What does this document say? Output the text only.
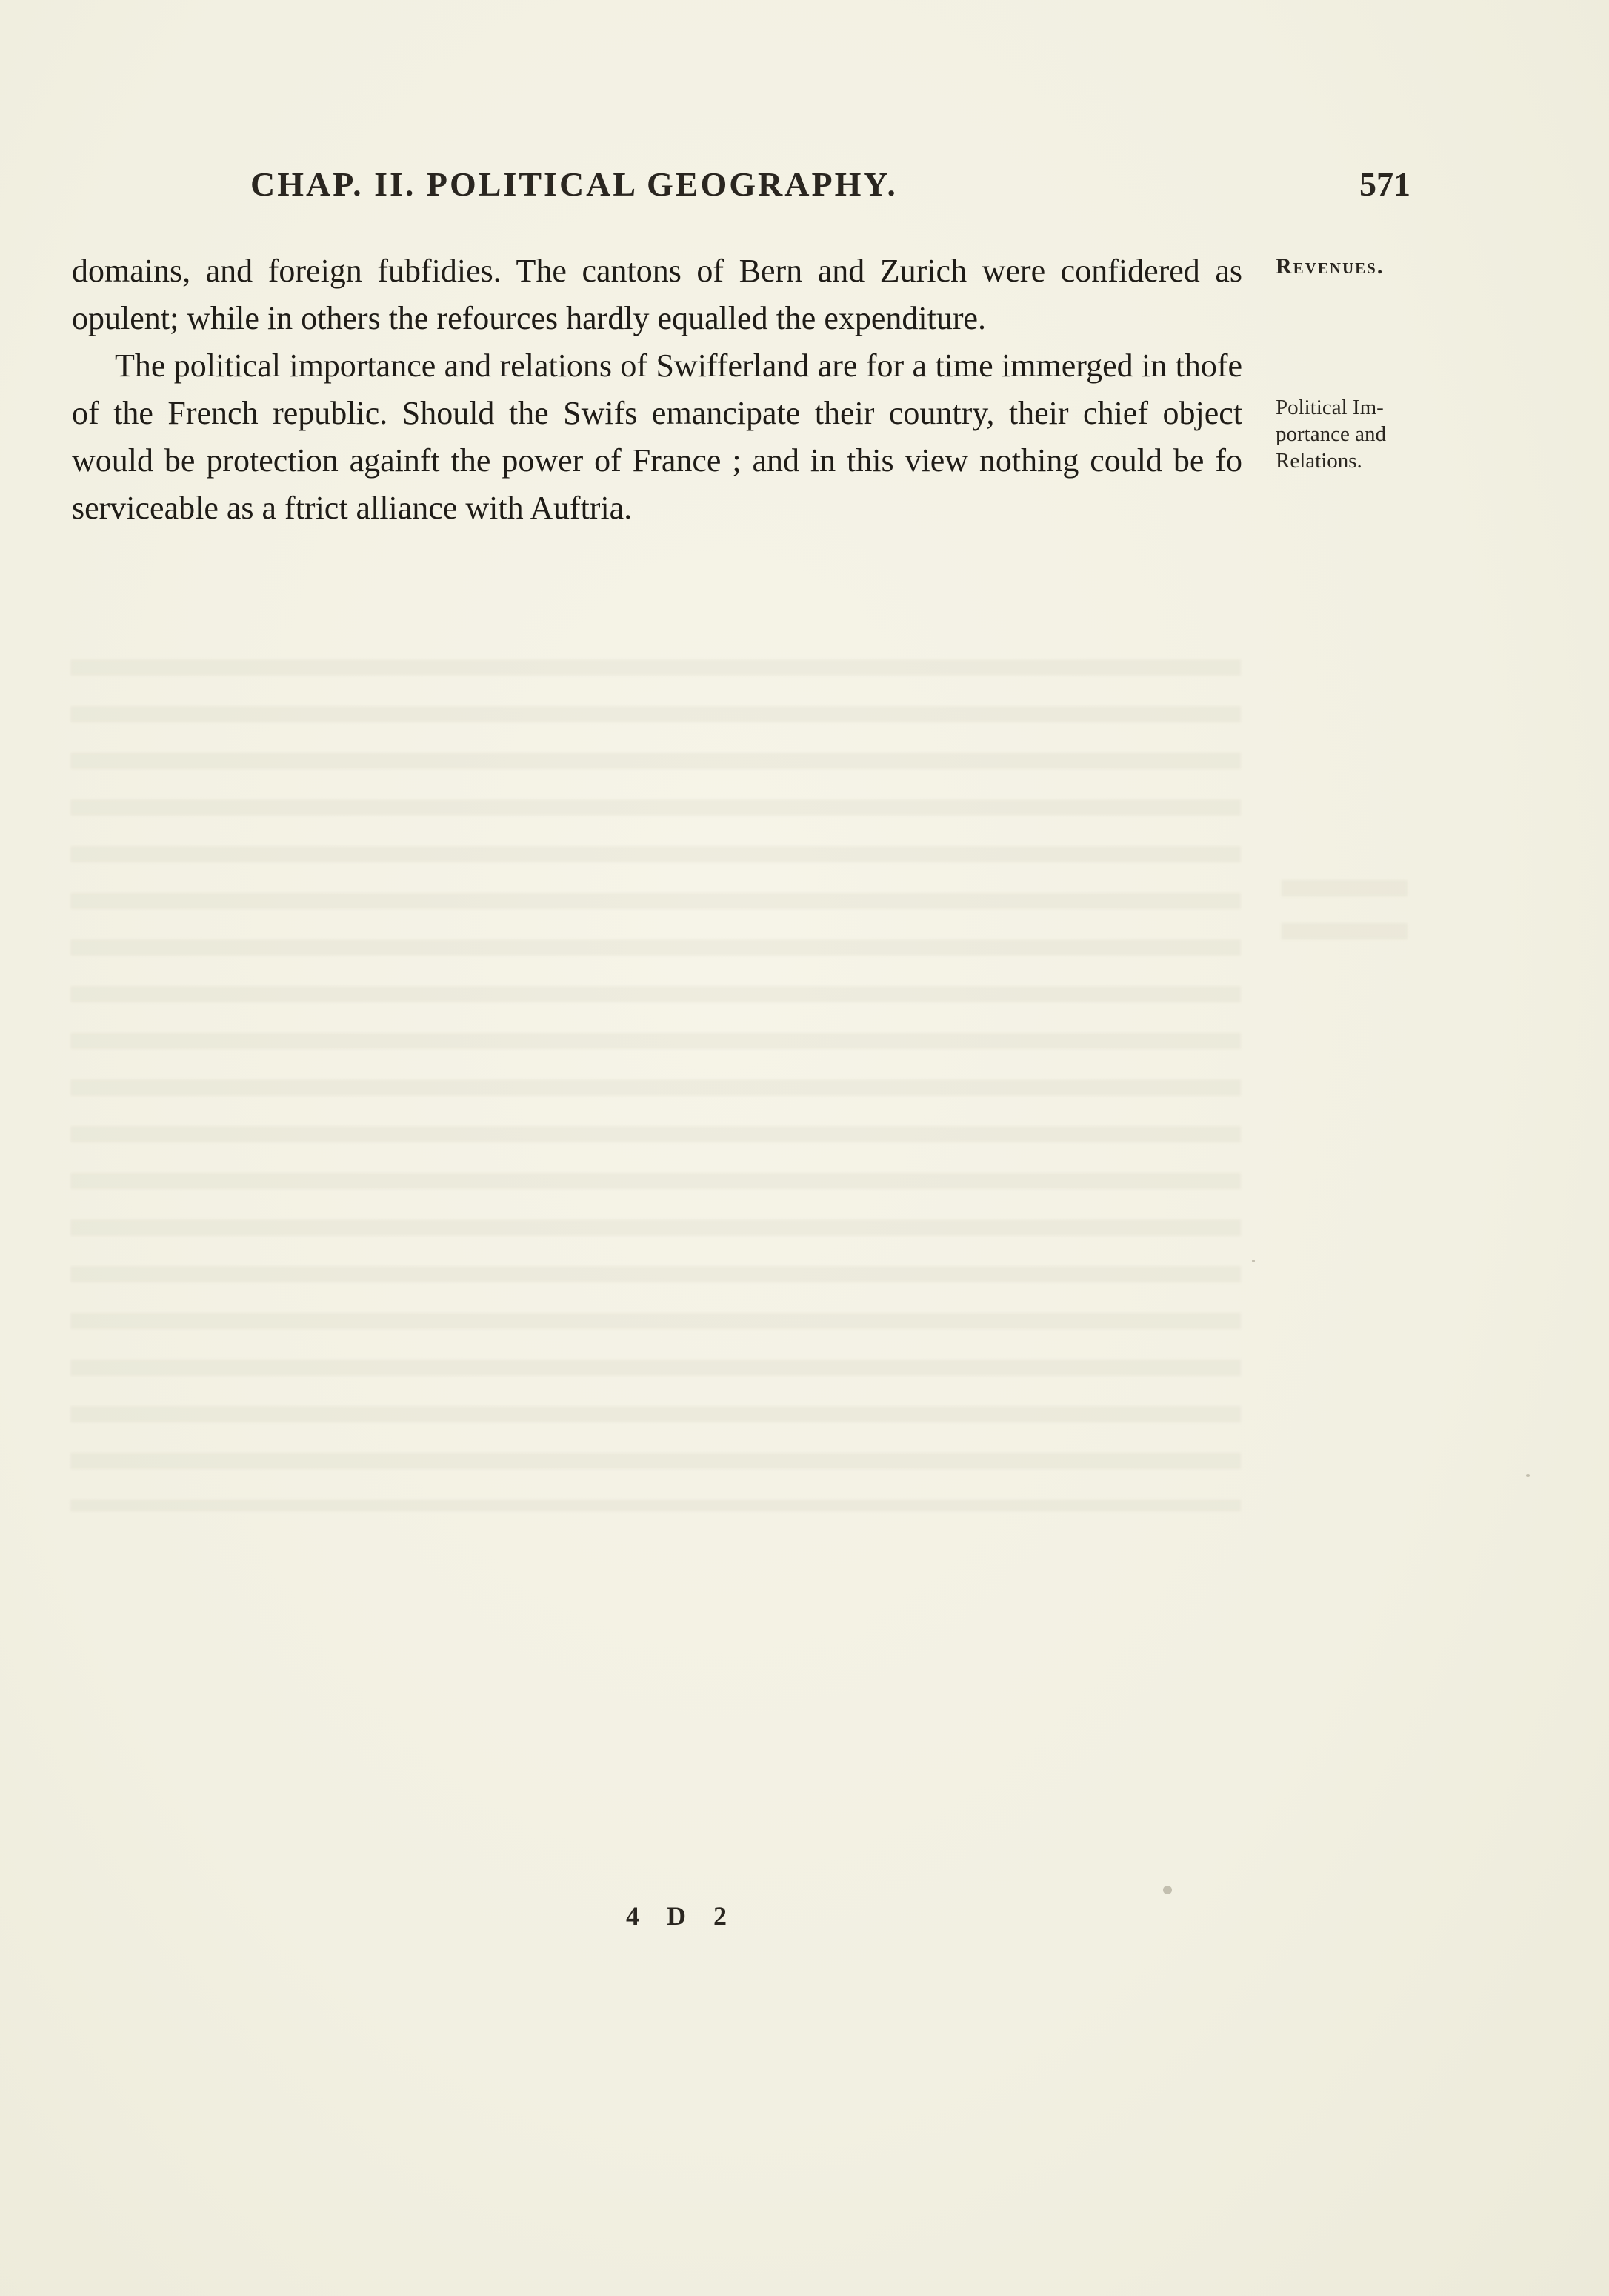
CHAP. II. POLITICAL GEOGRAPHY.	571

domains, and foreign fubfidies. The cantons of Bern and Zurich were confidered as opulent; while in others the refources hardly equalled the expenditure.

The political importance and relations of Swifferland are for a time immerged in thofe of the French republic. Should the Swifs emancipate their country, their chief object would be protection againft the power of France ; and in this view nothing could be fo serviceable as a ftrict alliance with Auftria.

Revenues.
Political Im-
portance and
Relations.
4 D 2
